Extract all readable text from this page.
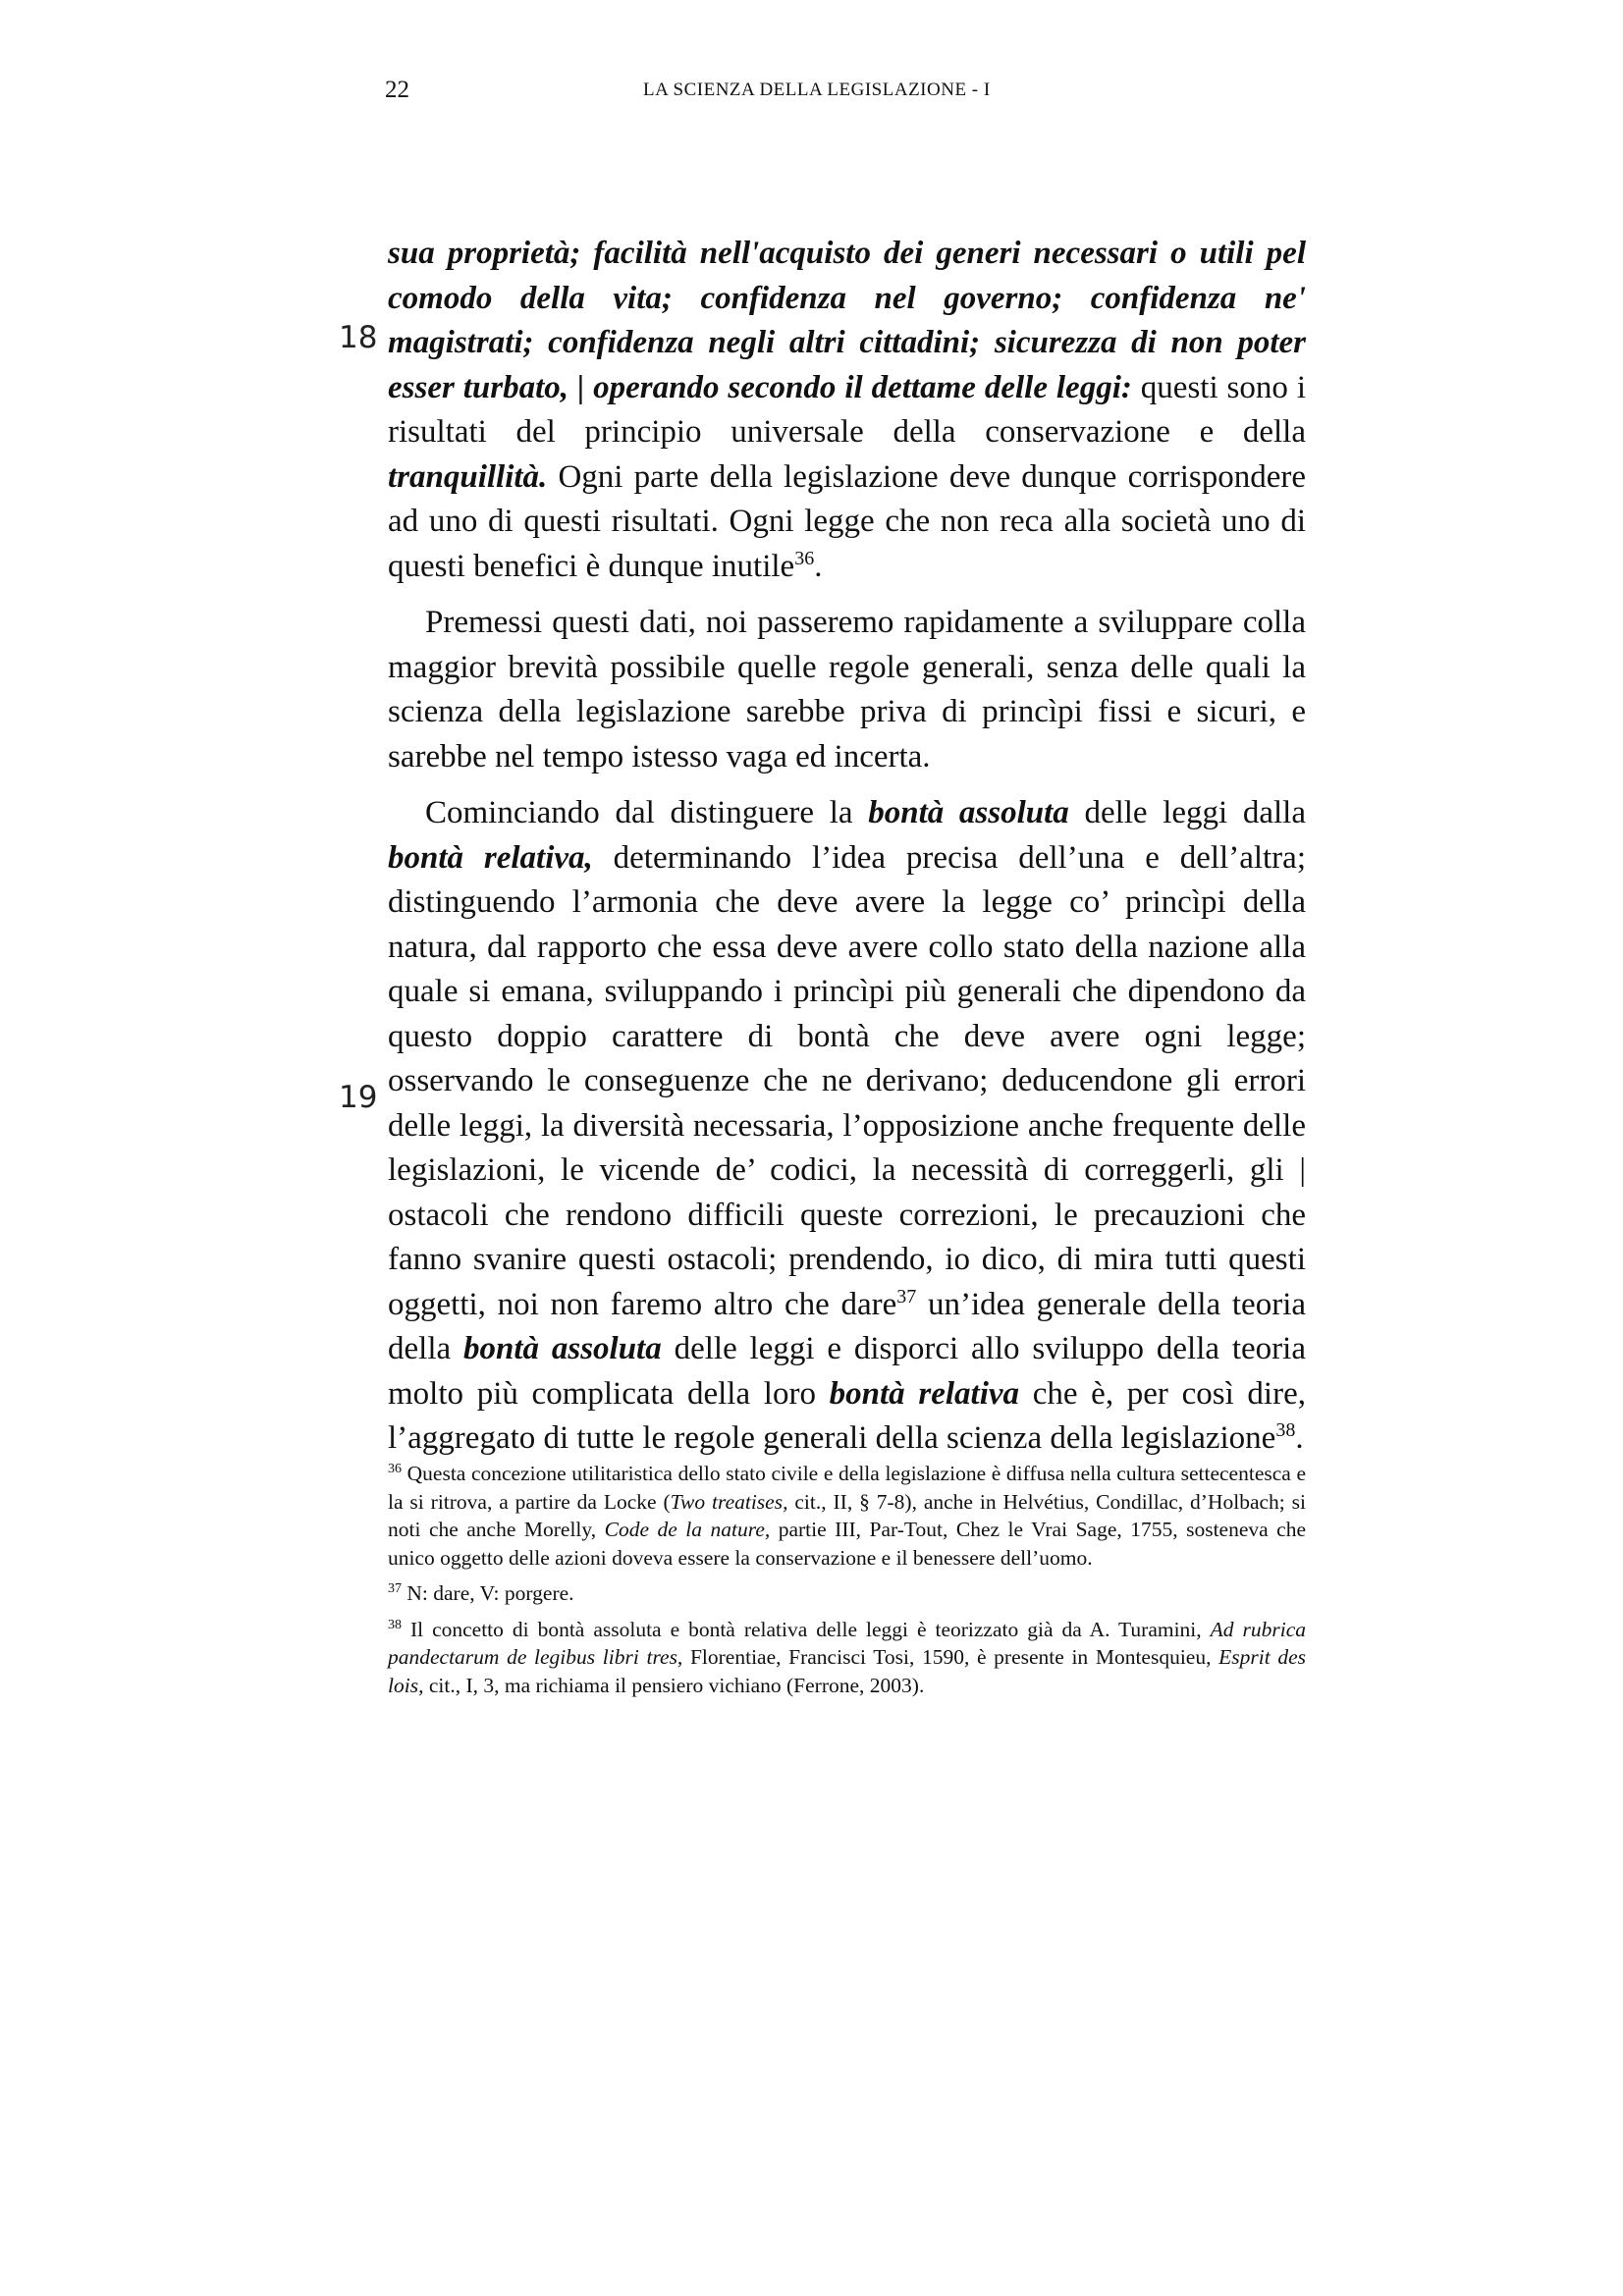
22	LA SCIENZA DELLA LEGISLAZIONE - I
18
19

sua proprietà; facilità nell'acquisto dei generi necessari o utili pel comodo della vita; confidenza nel governo; confidenza ne' magistrati; confidenza negli altri cittadini; sicurezza di non poter esser turbato, | operando secondo il dettame delle leggi: questi sono i risultati del principio universale della conservazione e della tranquillità. Ogni parte della legislazione deve dunque corrispondere ad uno di questi risultati. Ogni legge che non reca alla società uno di questi benefici è dunque inutile$^{36}$.

Premessi questi dati, noi passeremo rapidamente a sviluppare colla maggior brevità possibile quelle regole generali, senza delle quali la scienza della legislazione sarebbe priva di princìpi fissi e sicuri, e sarebbe nel tempo istesso vaga ed incerta.

Cominciando dal distinguere la bontà assoluta delle leggi dalla bontà relativa, determinando l’idea precisa dell’una e dell’altra; distinguendo l’armonia che deve avere la legge co’ princìpi della natura, dal rapporto che essa deve avere collo stato della nazione alla quale si emana, sviluppando i princìpi più generali che dipendono da questo doppio carattere di bontà che deve avere ogni legge; osservando le conseguenze che ne derivano; deducendone gli errori delle leggi, la diversità necessaria, l’opposizione anche frequente delle legislazioni, le vicende de’ codici, la necessità di correggerli, gli | ostacoli che rendono difficili queste correzioni, le precauzioni che fanno svanire questi ostacoli; prendendo, io dico, di mira tutti questi oggetti, noi non faremo altro che dare$^{37}$ un’idea generale della teoria della bontà assoluta delle leggi e disporci allo sviluppo della teoria molto più complicata della loro bontà relativa che è, per così dire, l’aggregato di tutte le regole generali della scienza della legislazione$^{38}$.

$^{36}$ Questa concezione utilitaristica dello stato civile e della legislazione è diffusa nella cultura settecentesca e la si ritrova, a partire da Locke (Two treatises, cit., II, § 7-8), anche in Helvétius, Condillac, d’Holbach; si noti che anche Morelly, Code de la nature, partie III, Par-Tout, Chez le Vrai Sage, 1755, sosteneva che unico oggetto delle azioni doveva essere la conservazione e il benessere dell’uomo.

$^{37}$ N: dare, V: porgere.

$^{38}$ Il concetto di bontà assoluta e bontà relativa delle leggi è teorizzato già da A. Turamini, Ad rubrica pandectarum de legibus libri tres, Florentiae, Francisci Tosi, 1590, è presente in Montesquieu, Esprit des lois, cit., I, 3, ma richiama il pensiero vichiano (Ferrone, 2003).
